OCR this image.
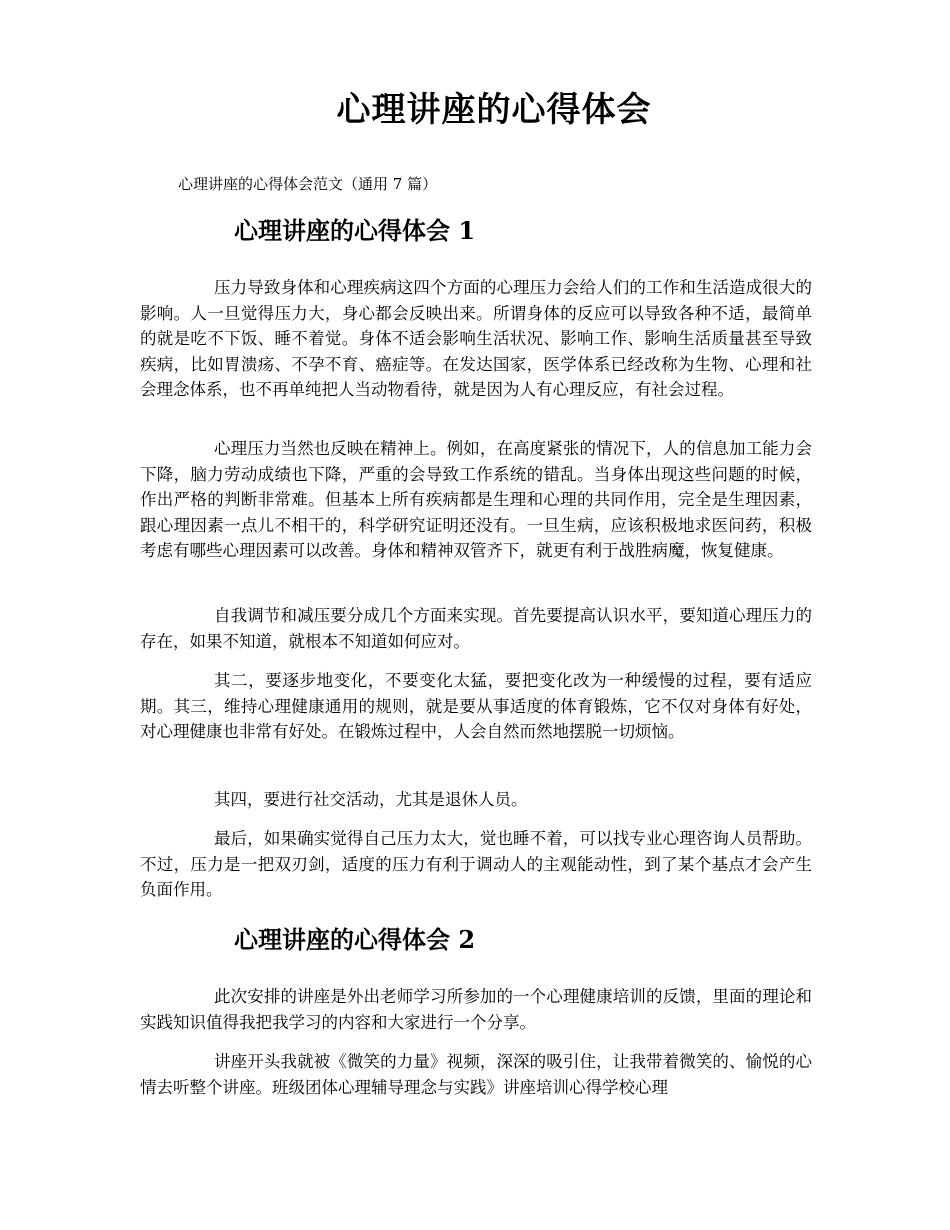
心理讲座的心得体会

心理讲座的心得体会范文（通用 7 篇）

心理讲座的心得体会 1

压力导致身体和心理疾病这四个方面的心理压力会给人们的工作和生活造成很大的影响。人一旦觉得压力大，身心都会反映出来。所谓身体的反应可以导致各种不适，最简单的就是吃不下饭、睡不着觉。身体不适会影响生活状况、影响工作、影响生活质量甚至导致疾病，比如胃溃疡、不孕不育、癌症等。在发达国家，医学体系已经改称为生物、心理和社会理念体系，也不再单纯把人当动物看待，就是因为人有心理反应，有社会过程。

心理压力当然也反映在精神上。例如，在高度紧张的情况下，人的信息加工能力会下降，脑力劳动成绩也下降，严重的会导致工作系统的错乱。当身体出现这些问题的时候，作出严格的判断非常难。但基本上所有疾病都是生理和心理的共同作用，完全是生理因素，跟心理因素一点儿不相干的，科学研究证明还没有。一旦生病，应该积极地求医问药，积极考虑有哪些心理因素可以改善。身体和精神双管齐下，就更有利于战胜病魔，恢复健康。

自我调节和减压要分成几个方面来实现。首先要提高认识水平，要知道心理压力的存在，如果不知道，就根本不知道如何应对。

其二，要逐步地变化，不要变化太猛，要把变化改为一种缓慢的过程，要有适应期。其三，维持心理健康通用的规则，就是要从事适度的体育锻炼，它不仅对身体有好处，对心理健康也非常有好处。在锻炼过程中，人会自然而然地摆脱一切烦恼。

其四，要进行社交活动，尤其是退休人员。

最后，如果确实觉得自己压力太大，觉也睡不着，可以找专业心理咨询人员帮助。不过，压力是一把双刃剑，适度的压力有利于调动人的主观能动性，到了某个基点才会产生负面作用。

心理讲座的心得体会 2

此次安排的讲座是外出老师学习所参加的一个心理健康培训的反馈，里面的理论和实践知识值得我把我学习的内容和大家进行一个分享。

讲座开头我就被《微笑的力量》视频，深深的吸引住，让我带着微笑的、愉悦的心情去听整个讲座。班级团体心理辅导理念与实践》讲座培训心得学校心理
